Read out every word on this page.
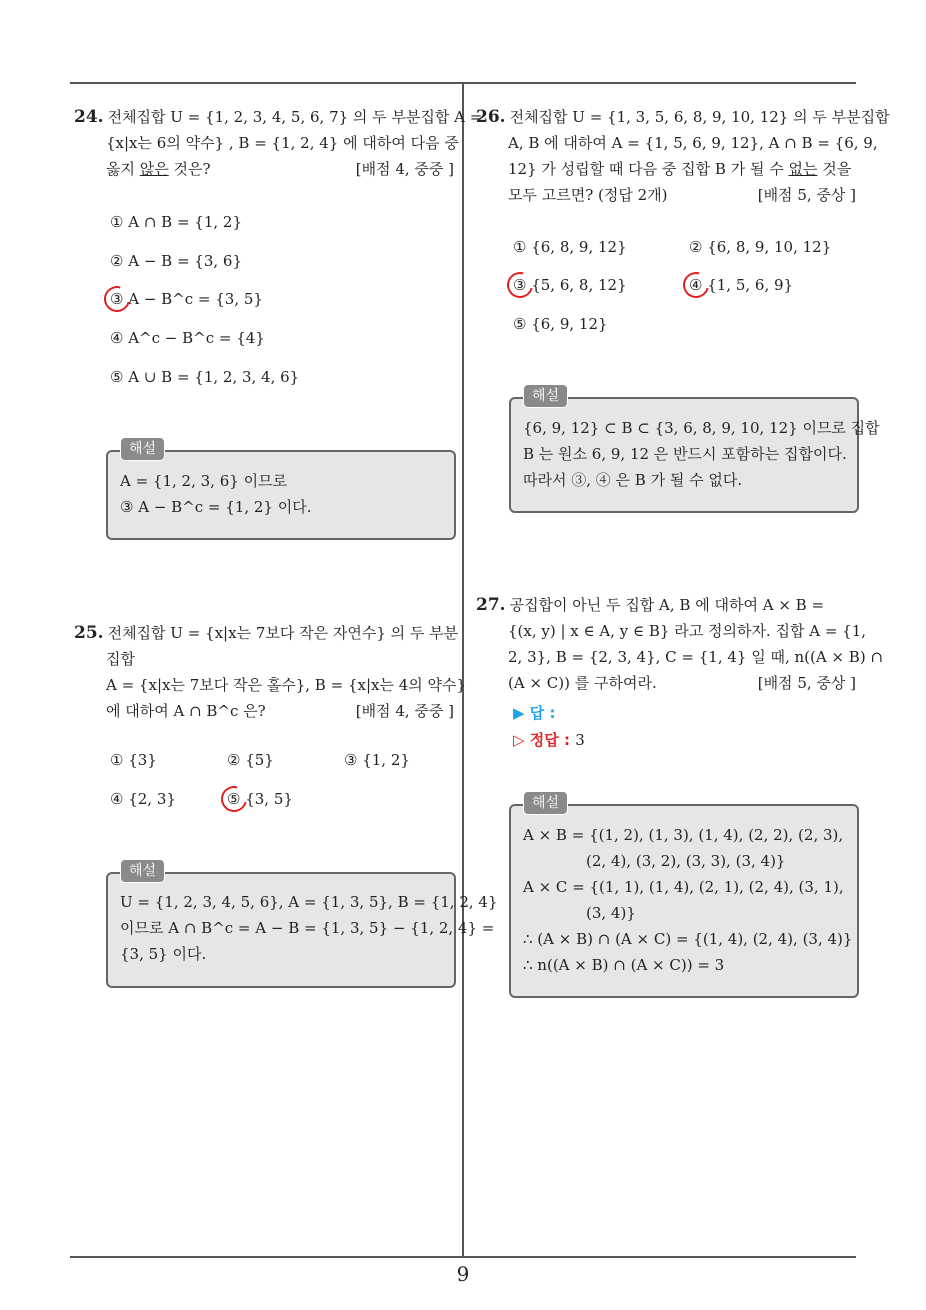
9
24. 전체집합 U = {1, 2, 3, 4, 5, 6, 7} 의 두 부분집합 A =
{x|x는 6의 약수} , B = {1, 2, 4} 에 대하여 다음 중
옳지 않은 것은?	[배점 4, 중중 ]
① A ∩ B = {1, 2}
② A − B = {3, 6}
③ A − B^c = {3, 5}
④ A^c − B^c = {4}
⑤ A ∪ B = {1, 2, 3, 4, 6}
해설
A = {1, 2, 3, 6} 이므로
③ A − B^c = {1, 2} 이다.
25. 전체집합 U = {x|x는 7보다 작은 자연수} 의 두 부분
집합
A = {x|x는 7보다 작은 홀수}, B = {x|x는 4의 약수}
에 대하여 A ∩ B^c 은?	[배점 4, 중중 ]
① {3}	② {5}	③ {1, 2}
④ {2, 3}	⑤ {3, 5}
해설
U = {1, 2, 3, 4, 5, 6}, A = {1, 3, 5}, B = {1, 2, 4}
이므로 A ∩ B^c = A − B = {1, 3, 5} − {1, 2, 4} =
{3, 5} 이다.
26. 전체집합 U = {1, 3, 5, 6, 8, 9, 10, 12} 의 두 부분집합
A, B 에 대하여 A = {1, 5, 6, 9, 12}, A ∩ B = {6, 9,
12} 가 성립할 때 다음 중 집합 B 가 될 수 없는 것을
모두 고르면? (정답 2개)	[배점 5, 중상 ]
① {6, 8, 9, 12}	② {6, 8, 9, 10, 12}
③ {5, 6, 8, 12}	④ {1, 5, 6, 9}
⑤ {6, 9, 12}
해설
{6, 9, 12} ⊂ B ⊂ {3, 6, 8, 9, 10, 12} 이므로 집합
B 는 원소 6, 9, 12 은 반드시 포함하는 집합이다.
따라서 ③, ④ 은 B 가 될 수 없다.
27. 공집합이 아닌 두 집합 A, B 에 대하여 A × B =
{(x, y) | x ∈ A, y ∈ B} 라고 정의하자. 집합 A = {1,
2, 3}, B = {2, 3, 4}, C = {1, 4} 일 때, n((A × B) ∩
(A × C)) 를 구하여라.	[배점 5, 중상 ]
▶ 답 :
▷ 정답 : 3
해설
A × B = {(1, 2), (1, 3), (1, 4), (2, 2), (2, 3),
(2, 4), (3, 2), (3, 3), (3, 4)}
A × C = {(1, 1), (1, 4), (2, 1), (2, 4), (3, 1),
(3, 4)}
∴ (A × B) ∩ (A × C) = {(1, 4), (2, 4), (3, 4)}
∴ n((A × B) ∩ (A × C)) = 3
